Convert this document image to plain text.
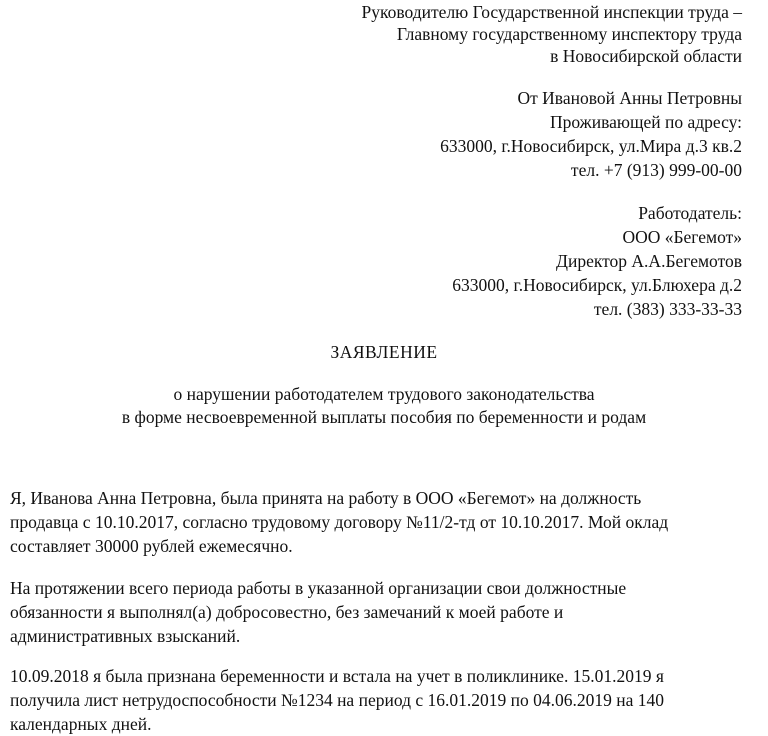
Руководителю Государственной инспекции труда –
Главному государственному инспектору труда
в Новосибирской области
От Ивановой Анны Петровны
Проживающей по адресу:
633000, г.Новосибирск, ул.Мира д.3 кв.2
тел. +7 (913) 999-00-00
Работодатель:
ООО «Бегемот»
Директор А.А.Бегемотов
633000, г.Новосибирск, ул.Блюхера д.2
тел. (383) 333-33-33
ЗАЯВЛЕНИЕ
о нарушении работодателем трудового законодательства
в форме несвоевременной выплаты пособия по беременности и родам
Я, Иванова Анна Петровна, была принята на работу в ООО «Бегемот» на должность
продавца с 10.10.2017, согласно трудовому договору №11/2-тд от 10.10.2017. Мой оклад
составляет 30000 рублей ежемесячно.
На протяжении всего периода работы в указанной организации свои должностные
обязанности я выполнял(а) добросовестно, без замечаний к моей работе и
административных взысканий.
10.09.2018 я была признана беременности и встала на учет в поликлинике. 15.01.2019 я
получила лист нетрудоспособности №1234 на период с 16.01.2019 по 04.06.2019 на 140
календарных дней.
